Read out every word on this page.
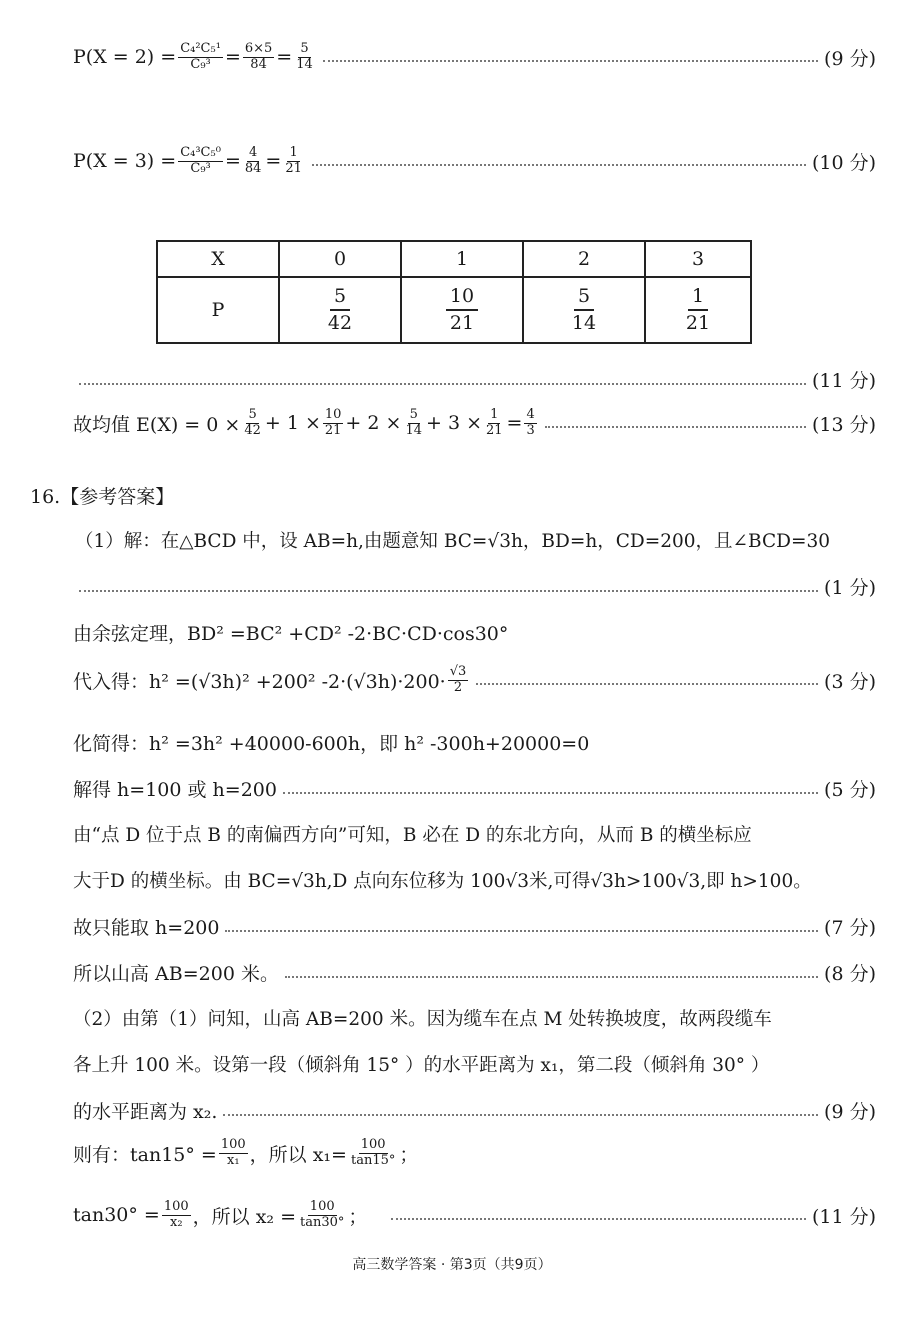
$P(X = 2) = \frac{\text{C₄²C₅¹}}{\text{C₉³}} = \frac{6\times 5}{84} = \frac{5}{14}$	(9 分)
$P(X = 3) = \frac{\text{C₄³C₅⁰}}{\text{C₉³}} = \frac{4}{84} = \frac{1}{21}$	(10 分)
X	0	1	2	3
P	$\frac{5}{42}$	$\frac{10}{21}$	$\frac{5}{14}$	$\frac{1}{21}$
(11 分)
故均值 $E(X) = 0 \times \frac{5}{42} + 1 \times \frac{10}{21} + 2 \times \frac{5}{14} + 3 \times \frac{1}{21} = \frac{4}{3}$	(13 分)
16.【参考答案】
（1）解：在△BCD 中，设 AB=h,由题意知 BC=√3h，BD=h，CD=200，且∠BCD=30
(1 分)
由余弦定理，BD² =BC² +CD² -2·BC·CD·cos30°
代入得：h² =(√3h)² +200² $-2\cdot(√3h)\cdot 200\cdot \frac{√3}{2}$	(3 分)
化简得：h² =3h² +40000-600h，即 h² -300h+20000=0
解得 h=100 或 h=200	(5 分)
由“点 D 位于点 B 的南偏西方向”可知，B 必在 D 的东北方向，从而 B 的横坐标应
大于D 的横坐标。由 BC=√3h,D 点向东位移为 100√3米,可得√3h>100√3,即 h>100。
故只能取 h=200	(7 分)
所以山高 AB=200 米。	(8 分)
（2）由第（1）问知，山高 AB=200 米。因为缆车在点 M 处转换坡度，故两段缆车
各上升 100 米。设第一段（倾斜角 15° ）的水平距离为 x₁，第二段（倾斜角 30° ）
的水平距离为 x₂.	(9 分)
则有：$\tan 15^\circ = \frac{100}{\text{x₁}}$ ，所以 $x_1= \frac{100}{\tan 15^\circ}$ ；
$\tan 30^\circ = \frac{100}{\text{x₂}}$ ，所以 $x_2 = \frac{100}{\tan 30^\circ}$ ；	(11 分)
高三数学答案 · 第3页（共9页）
